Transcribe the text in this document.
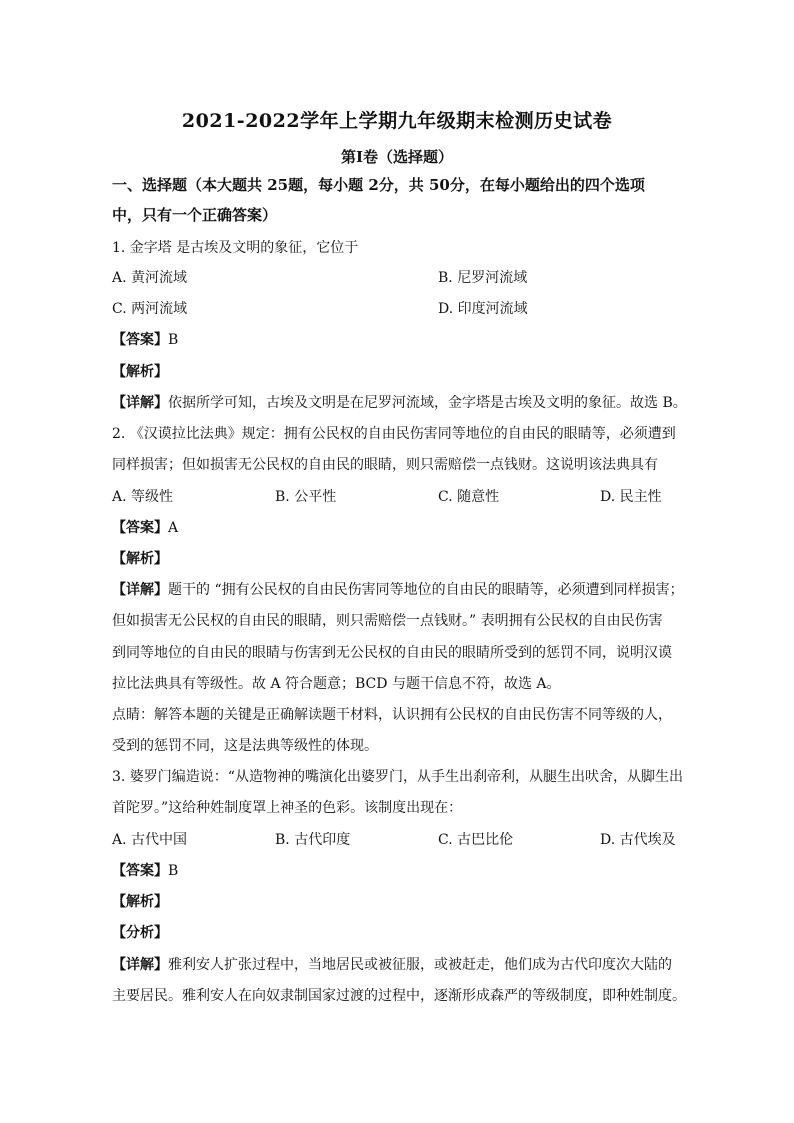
2021-2022学年上学期九年级期末检测历史试卷
第Ⅰ卷（选择题）
一、选择题（本大题共 25题，每小题 2分，共 50分，在每小题给出的四个选项
中，只有一个正确答案）
1. 金字塔 是古埃及文明的象征，它位于
A. 黄河流域	B. 尼罗河流域
C. 两河流域	D. 印度河流域
【答案】B
【解析】
【详解】依据所学可知，古埃及文明是在尼罗河流域，金字塔是古埃及文明的象征。故选 B。
2. 《汉谟拉比法典》规定：拥有公民权的自由民伤害同等地位的自由民的眼睛等，必须遭到
同样损害；但如损害无公民权的自由民的眼睛，则只需赔偿一点钱财。这说明该法典具有
A. 等级性	B. 公平性	C. 随意性	D. 民主性
【答案】A
【解析】
【详解】题干的 “拥有公民权的自由民伤害同等地位的自由民的眼睛等，必须遭到同样损害；
但如损害无公民权的自由民的眼睛，则只需赔偿一点钱财。” 表明拥有公民权的自由民伤害
到同等地位的自由民的眼睛与伤害到无公民权的自由民的眼睛所受到的惩罚不同，说明汉谟
拉比法典具有等级性。故 A 符合题意；BCD 与题干信息不符，故选 A。
点睛：解答本题的关键是正确解读题干材料，认识拥有公民权的自由民伤害不同等级的人，
受到的惩罚不同，这是法典等级性的体现。
3. 婆罗门编造说：“从造物神的嘴演化出婆罗门，从手生出刹帝利，从腿生出吠舍，从脚生出
首陀罗。”这给种姓制度罩上神圣的色彩。该制度出现在：
A. 古代中国	B. 古代印度	C. 古巴比伦	D. 古代埃及
【答案】B
【解析】
【分析】
【详解】雅利安人扩张过程中，当地居民或被征服，或被赶走，他们成为古代印度次大陆的
主要居民。雅利安人在向奴隶制国家过渡的过程中，逐渐形成森严的等级制度，即种姓制度。
